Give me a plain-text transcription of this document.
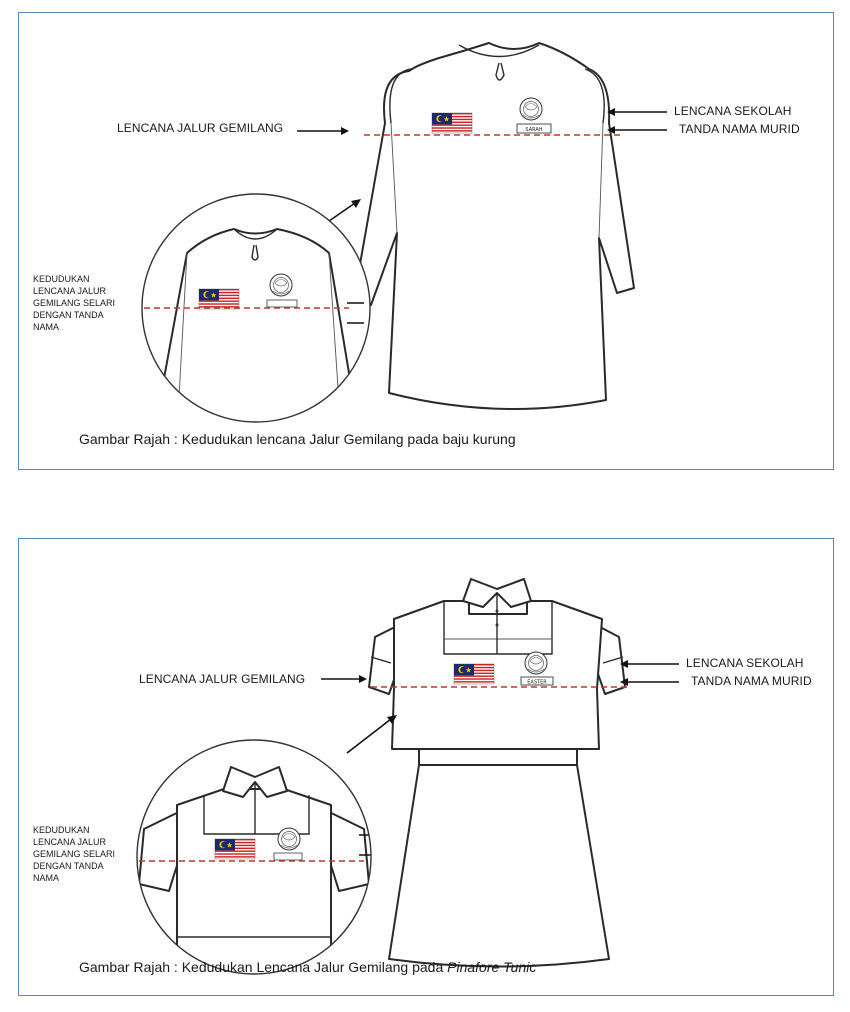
SARAH
LENCANA JALUR GEMILANG
LENCANA SEKOLAH
TANDA NAMA MURID
KEDUDUKAN
LENCANA JALUR
GEMILANG SELARI
DENGAN TANDA
NAMA
Gambar Rajah : Kedudukan lencana Jalur Gemilang pada baju kurung
EASTER
LENCANA JALUR GEMILANG
LENCANA SEKOLAH
TANDA NAMA MURID
KEDUDUKAN
LENCANA JALUR
GEMILANG SELARI
DENGAN TANDA
NAMA
Gambar Rajah : Kedudukan Lencana Jalur Gemilang pada Pinafore Tunic
